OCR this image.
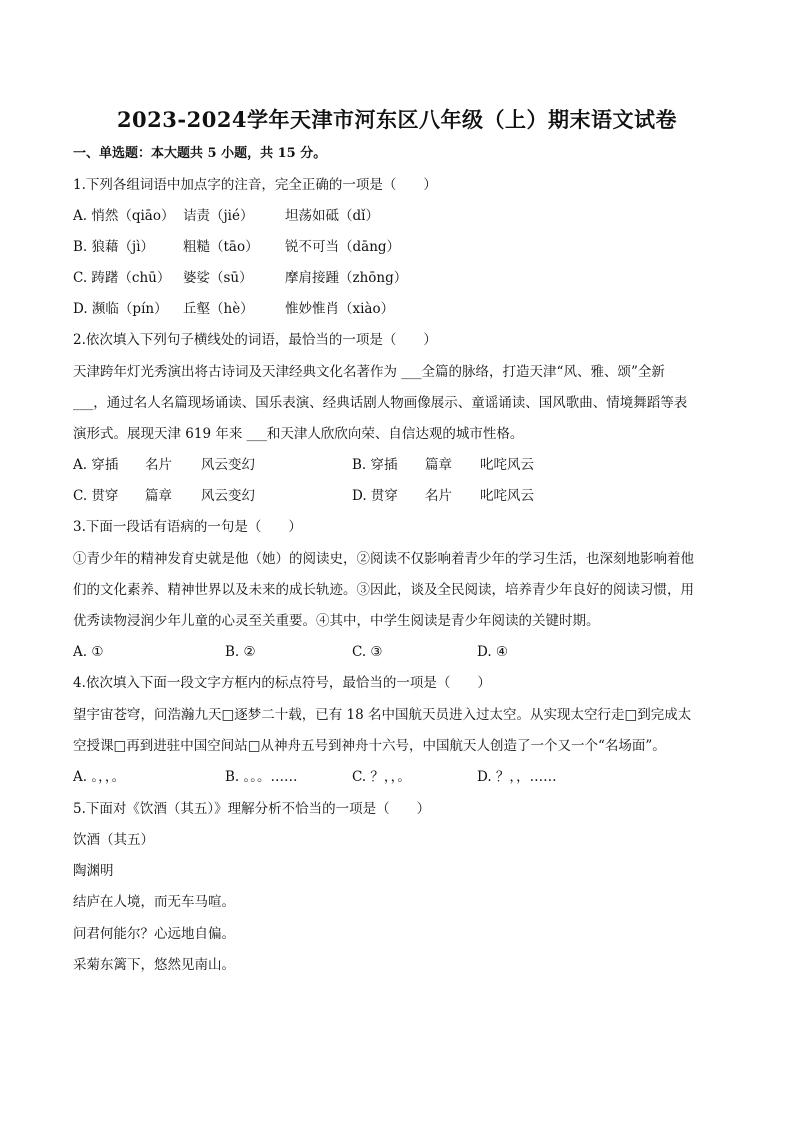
2023-2024学年天津市河东区八年级（上）期末语文试卷
一、单选题：本大题共 5 小题，共 15 分。
1.下列各组词语中加点字的注音，完全正确的一项是（　　）
A. 悄然（qiāo） 诘责（jié） 坦荡如砥（dǐ）
B. 狼藉（jì） 粗糙（tāo） 锐不可当（dāng）
C. 踌躇（chū） 婆娑（sū） 摩肩接踵（zhōng）
D. 濒临（pín） 丘壑（hè） 惟妙惟肖（xiào）
2.依次填入下列句子横线处的词语，最恰当的一项是（　　）
天津跨年灯光秀演出将古诗词及天津经典文化名著作为 ___全篇的脉络，打造天津“风、雅、颂”全新
___，通过名人名篇现场诵读、国乐表演、经典话剧人物画像展示、童谣诵读、国风歌曲、情境舞蹈等表
演形式。展现天津 619 年来 ___和天津人欣欣向荣、自信达观的城市性格。
A. 穿插 名片 风云变幻	B. 穿插 篇章 叱咤风云
C. 贯穿 篇章 风云变幻	D. 贯穿 名片 叱咤风云
3.下面一段话有语病的一句是（　　）
①青少年的精神发育史就是他（她）的阅读史，②阅读不仅影响着青少年的学习生活，也深刻地影响着他
们的文化素养、精神世界以及未来的成长轨迹。③因此，谈及全民阅读，培养青少年良好的阅读习惯，用
优秀读物浸润少年儿童的心灵至关重要。④其中，中学生阅读是青少年阅读的关键时期。
A. ①	B. ②	C. ③	D. ④
4.依次填入下面一段文字方框内的标点符号，最恰当的一项是（　　）
望宇宙苍穹，问浩瀚九天□逐梦二十载，已有 18 名中国航天员进入过太空。从实现太空行走□到完成太
空授课□再到进驻中国空间站□从神舟五号到神舟十六号，中国航天人创造了一个又一个“名场面”。
A. 。，，。	B. 。。。……	C. ？，，。	D. ？，，……
5.下面对《饮酒（其五）》理解分析不恰当的一项是（　　）
饮酒（其五）
陶渊明
结庐在人境，而无车马喧。
问君何能尔？心远地自偏。
采菊东篱下，悠然见南山。
